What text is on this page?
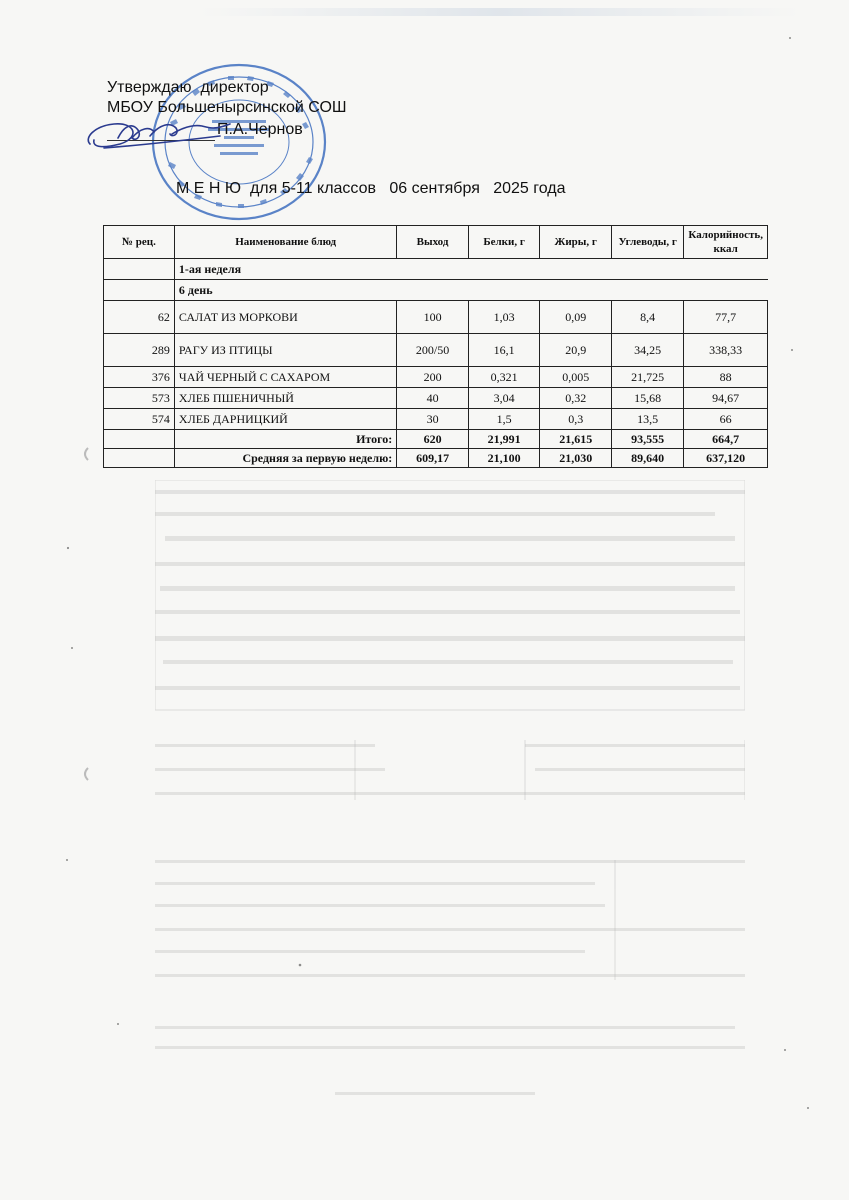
Утверждаю  директор
МБОУ Большенырсинской СОШ
П.А.Чернов
М Е Н Ю  для 5-11 классов   06 сентября   2025 года
№ рец.	Наименование блюд	Выход	Белки, г	Жиры, г	Углеводы, г	Калорийность, ккал
	1-ая неделя					
	6 день					
62	САЛАТ ИЗ МОРКОВИ	100	1,03	0,09	8,4	77,7
289	РАГУ ИЗ ПТИЦЫ	200/50	16,1	20,9	34,25	338,33
376	ЧАЙ ЧЕРНЫЙ С САХАРОМ	200	0,321	0,005	21,725	88
573	ХЛЕБ ПШЕНИЧНЫЙ	40	3,04	0,32	15,68	94,67
574	ХЛЕБ ДАРНИЦКИЙ	30	1,5	0,3	13,5	66
	Итого:	620	21,991	21,615	93,555	664,7
	Средняя за первую неделю:	609,17	21,100	21,030	89,640	637,120
